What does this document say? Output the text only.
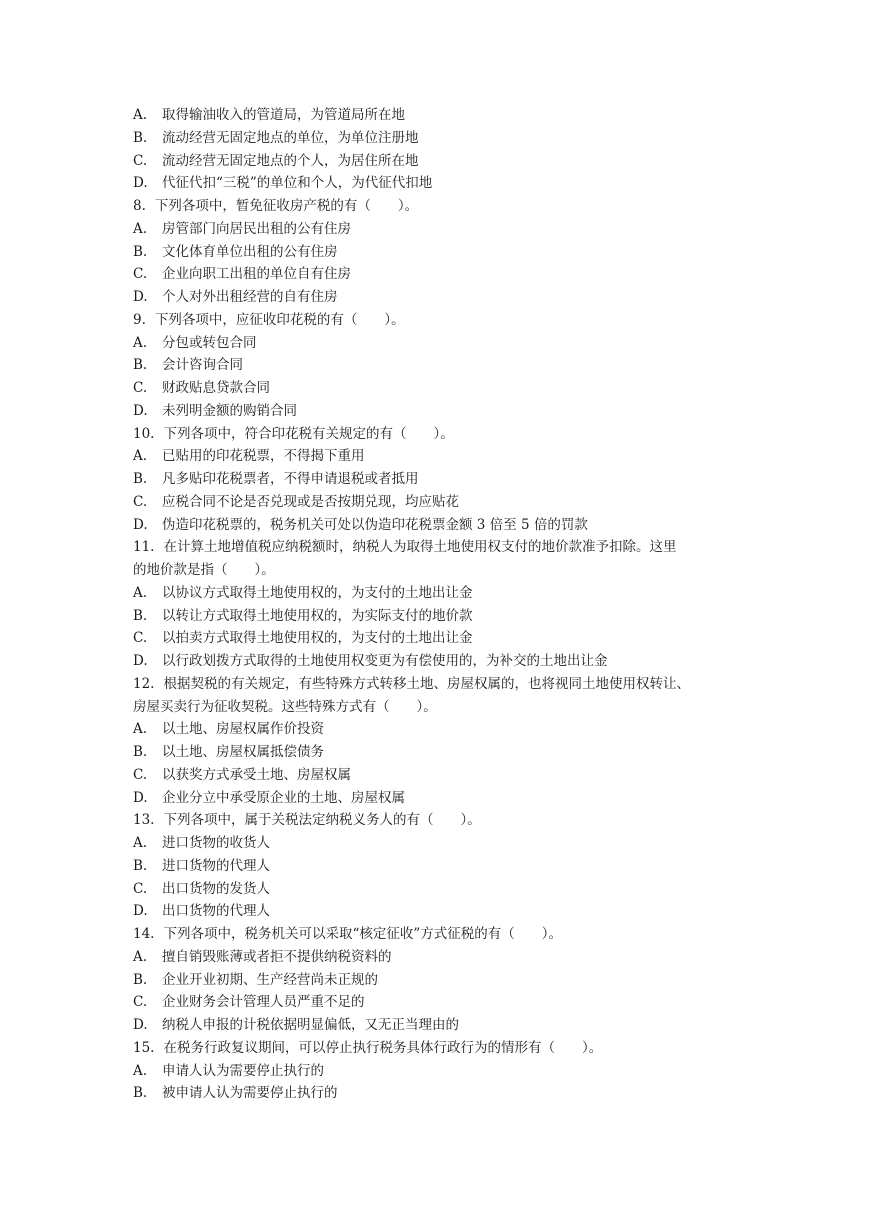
A.	取得输油收入的管道局，为管道局所在地
B.	流动经营无固定地点的单位，为单位注册地
C.	流动经营无固定地点的个人，为居住所在地
D.	代征代扣“三税”的单位和个人，为代征代扣地
8. 下列各项中，暂免征收房产税的有（　　）。
A.	房管部门向居民出租的公有住房
B.	文化体育单位出租的公有住房
C.	企业向职工出租的单位自有住房
D.	个人对外出租经营的自有住房
9. 下列各项中，应征收印花税的有（　　）。
A.	分包或转包合同
B.	会计咨询合同
C.	财政贴息贷款合同
D.	未列明金额的购销合同
10. 下列各项中，符合印花税有关规定的有（　　）。
A.	已贴用的印花税票，不得揭下重用
B.	凡多贴印花税票者，不得申请退税或者抵用
C.	应税合同不论是否兑现或是否按期兑现，均应贴花
D.	伪造印花税票的，税务机关可处以伪造印花税票金额 3 倍至 5 倍的罚款
11. 在计算土地增值税应纳税额时，纳税人为取得土地使用权支付的地价款准予扣除。这里
的地价款是指（　　）。
A.	以协议方式取得土地使用权的，为支付的土地出让金
B.	以转让方式取得土地使用权的，为实际支付的地价款
C.	以拍卖方式取得土地使用权的，为支付的土地出让金
D.	以行政划拨方式取得的土地使用权变更为有偿使用的，为补交的土地出让金
12. 根据契税的有关规定，有些特殊方式转移土地、房屋权属的，也将视同土地使用权转让、
房屋买卖行为征收契税。这些特殊方式有（　　）。
A.	以土地、房屋权属作价投资
B.	以土地、房屋权属抵偿债务
C.	以获奖方式承受土地、房屋权属
D.	企业分立中承受原企业的土地、房屋权属
13. 下列各项中，属于关税法定纳税义务人的有（　　）。
A.	进口货物的收货人
B.	进口货物的代理人
C.	出口货物的发货人
D.	出口货物的代理人
14. 下列各项中，税务机关可以采取“核定征收”方式征税的有（　　）。
A.	擅自销毁账薄或者拒不提供纳税资料的
B.	企业开业初期、生产经营尚未正规的
C.	企业财务会计管理人员严重不足的
D.	纳税人申报的计税依据明显偏低，又无正当理由的
15. 在税务行政复议期间，可以停止执行税务具体行政行为的情形有（　　）。
A.	申请人认为需要停止执行的
B.	被申请人认为需要停止执行的
